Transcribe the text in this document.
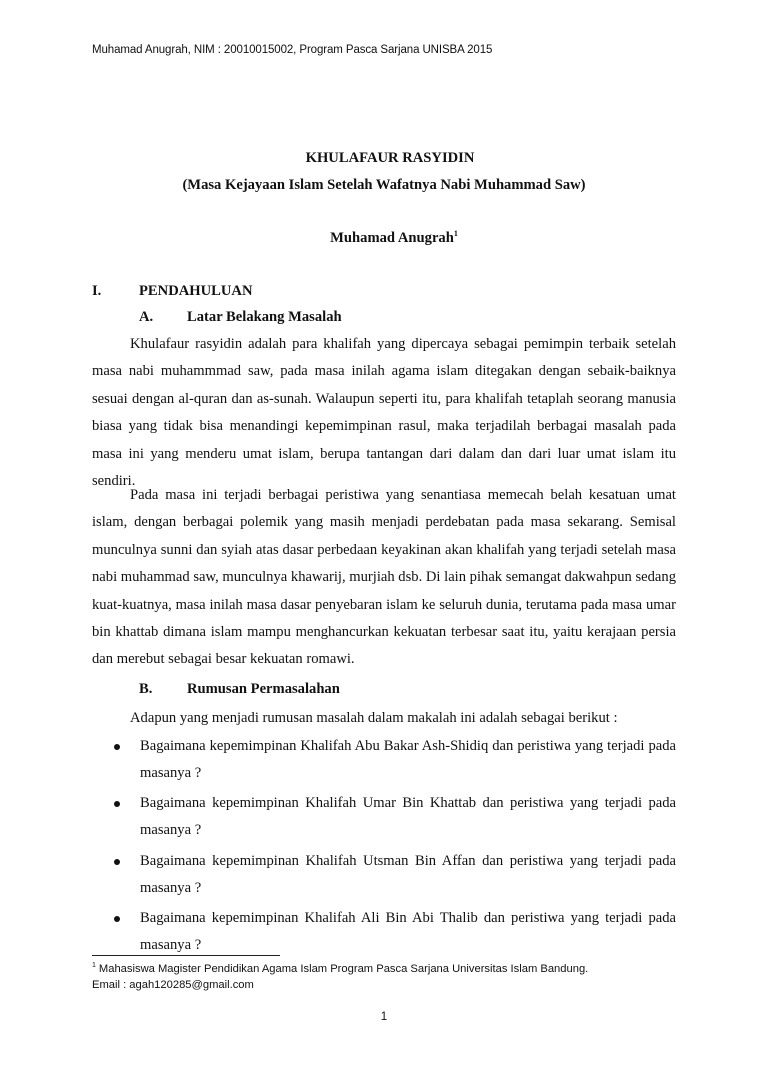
Muhamad Anugrah, NIM : 20010015002, Program Pasca Sarjana UNISBA 2015
KHULAFAUR RASYIDIN
(Masa Kejayaan Islam Setelah Wafatnya Nabi Muhammad Saw)
Muhamad Anugrah$^1$
I.	PENDAHULUAN
A. Latar Belakang Masalah
Khulafaur rasyidin adalah para khalifah yang dipercaya sebagai pemimpin terbaik setelah masa nabi muhammmad saw, pada masa inilah agama islam ditegakan dengan sebaik-baiknya sesuai dengan al-quran dan as-sunah. Walaupun seperti itu, para khalifah tetaplah seorang manusia biasa yang tidak bisa menandingi kepemimpinan rasul, maka terjadilah berbagai masalah pada masa ini yang menderu umat islam, berupa tantangan dari dalam dan dari luar umat islam itu sendiri.
Pada masa ini terjadi berbagai peristiwa yang senantiasa memecah belah kesatuan umat islam, dengan berbagai polemik yang masih menjadi perdebatan pada masa sekarang. Semisal munculnya sunni dan syiah atas dasar perbedaan keyakinan akan khalifah yang terjadi setelah masa nabi muhammad saw, munculnya khawarij, murjiah dsb. Di lain pihak semangat dakwahpun sedang kuat-kuatnya, masa inilah masa dasar penyebaran islam ke seluruh dunia, terutama pada masa umar bin khattab dimana islam mampu menghancurkan kekuatan terbesar saat itu, yaitu kerajaan persia dan merebut sebagai besar kekuatan romawi.
B. Rumusan Permasalahan
Adapun yang menjadi rumusan masalah dalam makalah ini adalah sebagai berikut :
Bagaimana kepemimpinan Khalifah Abu Bakar Ash-Shidiq dan peristiwa yang terjadi pada masanya ?
Bagaimana kepemimpinan Khalifah Umar Bin Khattab dan peristiwa yang terjadi pada masanya ?
Bagaimana kepemimpinan Khalifah Utsman Bin Affan dan peristiwa yang terjadi pada masanya ?
Bagaimana kepemimpinan Khalifah Ali Bin Abi Thalib dan peristiwa yang terjadi pada masanya ?
$^1$ Mahasiswa Magister Pendidikan Agama Islam Program Pasca Sarjana Universitas Islam Bandung.
Email : agah120285@gmail.com
1
